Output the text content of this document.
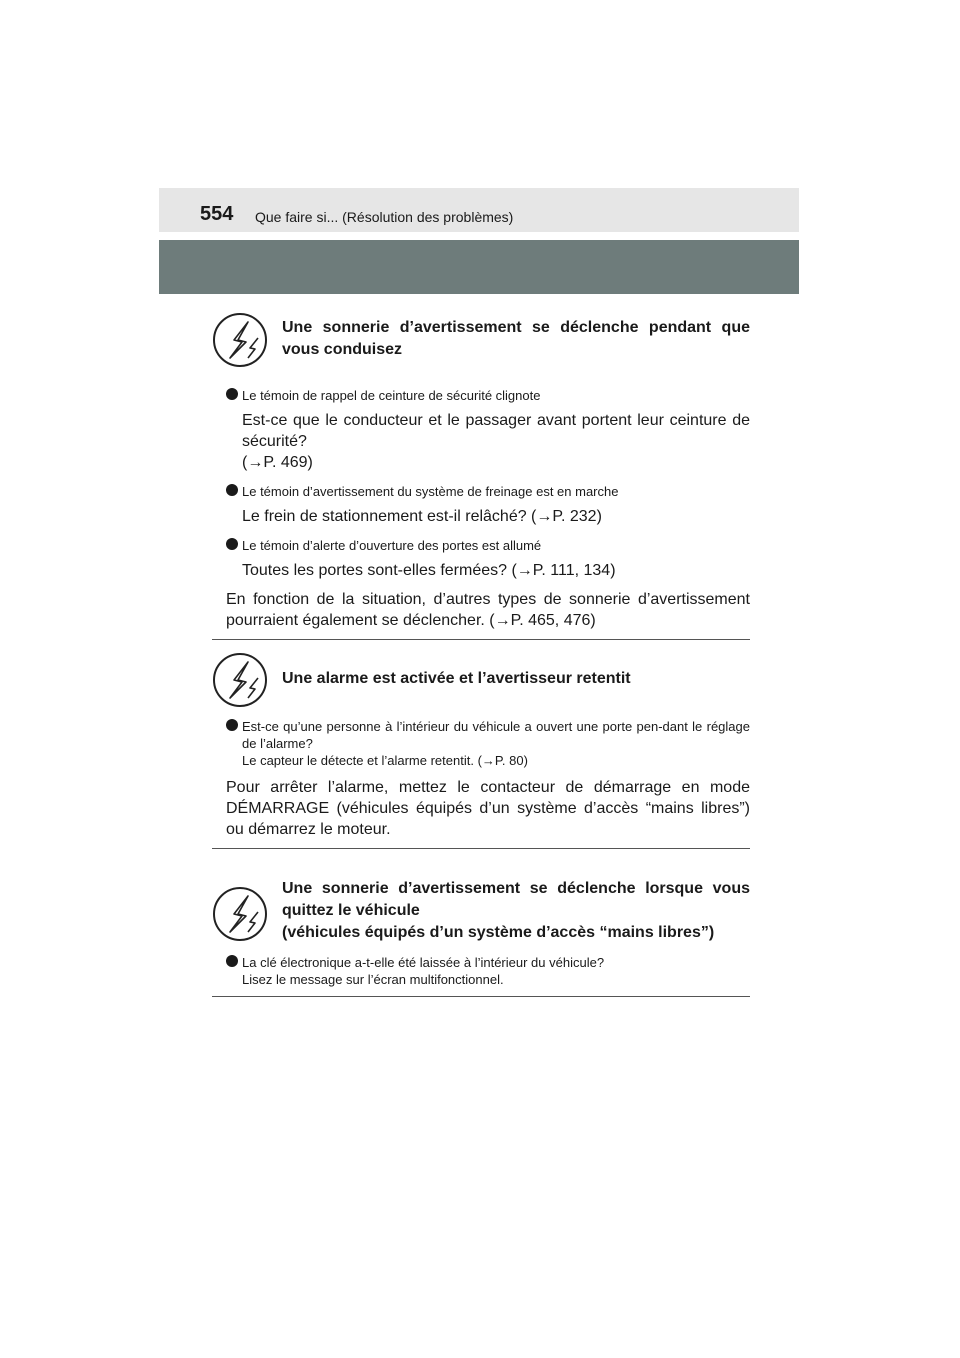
554 Que faire si... (Résolution des problèmes)
Une sonnerie d’avertissement se déclenche pendant que vous conduisez
Le témoin de rappel de ceinture de sécurité clignote
Est-ce que le conducteur et le passager avant portent leur ceinture de sécurité?
(→P. 469)
Le témoin d’avertissement du système de freinage est en marche
Le frein de stationnement est-il relâché? (→P. 232)
Le témoin d’alerte d’ouverture des portes est allumé
Toutes les portes sont-elles fermées? (→P. 111, 134)
En fonction de la situation, d’autres types de sonnerie d’avertissement pourraient également se déclencher. (→P. 465, 476)
Une alarme est activée et l’avertisseur retentit
Est-ce qu’une personne à l’intérieur du véhicule a ouvert une porte pen-dant le réglage de l’alarme?
Le capteur le détecte et l’alarme retentit. (→P. 80)
Pour arrêter l’alarme, mettez le contacteur de démarrage en mode DÉMARRAGE (véhicules équipés d’un système d’accès “mains libres”) ou démarrez le moteur.
Une sonnerie d’avertissement se déclenche lorsque vous quittez le véhicule
(véhicules équipés d’un système d’accès “mains libres”)
La clé électronique a-t-elle été laissée à l’intérieur du véhicule?
Lisez le message sur l’écran multifonctionnel.
